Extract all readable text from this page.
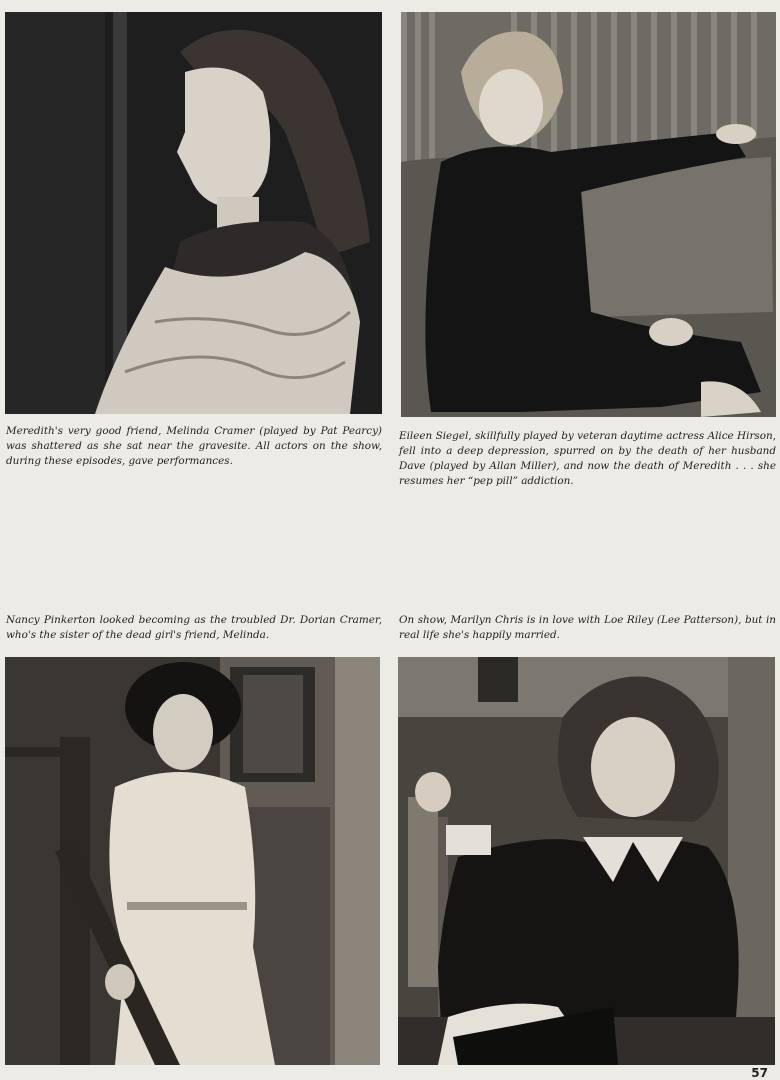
Meredith's very good friend, Melinda Cramer (played by Pat Pearcy) was shattered as she sat near the gravesite. All actors on the show, during these episodes, gave performances.

Eileen Siegel, skillfully played by veteran daytime actress Alice Hirson, fell into a deep depression, spurred on by the death of her husband Dave (played by Allan Miller), and now the death of Meredith . . . she resumes her “pep pill” addiction.

Nancy Pinkerton looked becoming as the troubled Dr. Dorian Cramer, who's the sister of the dead girl's friend, Melinda.

On show, Marilyn Chris is in love with Loe Riley (Lee Patterson), but in real life she's happily married.

57
